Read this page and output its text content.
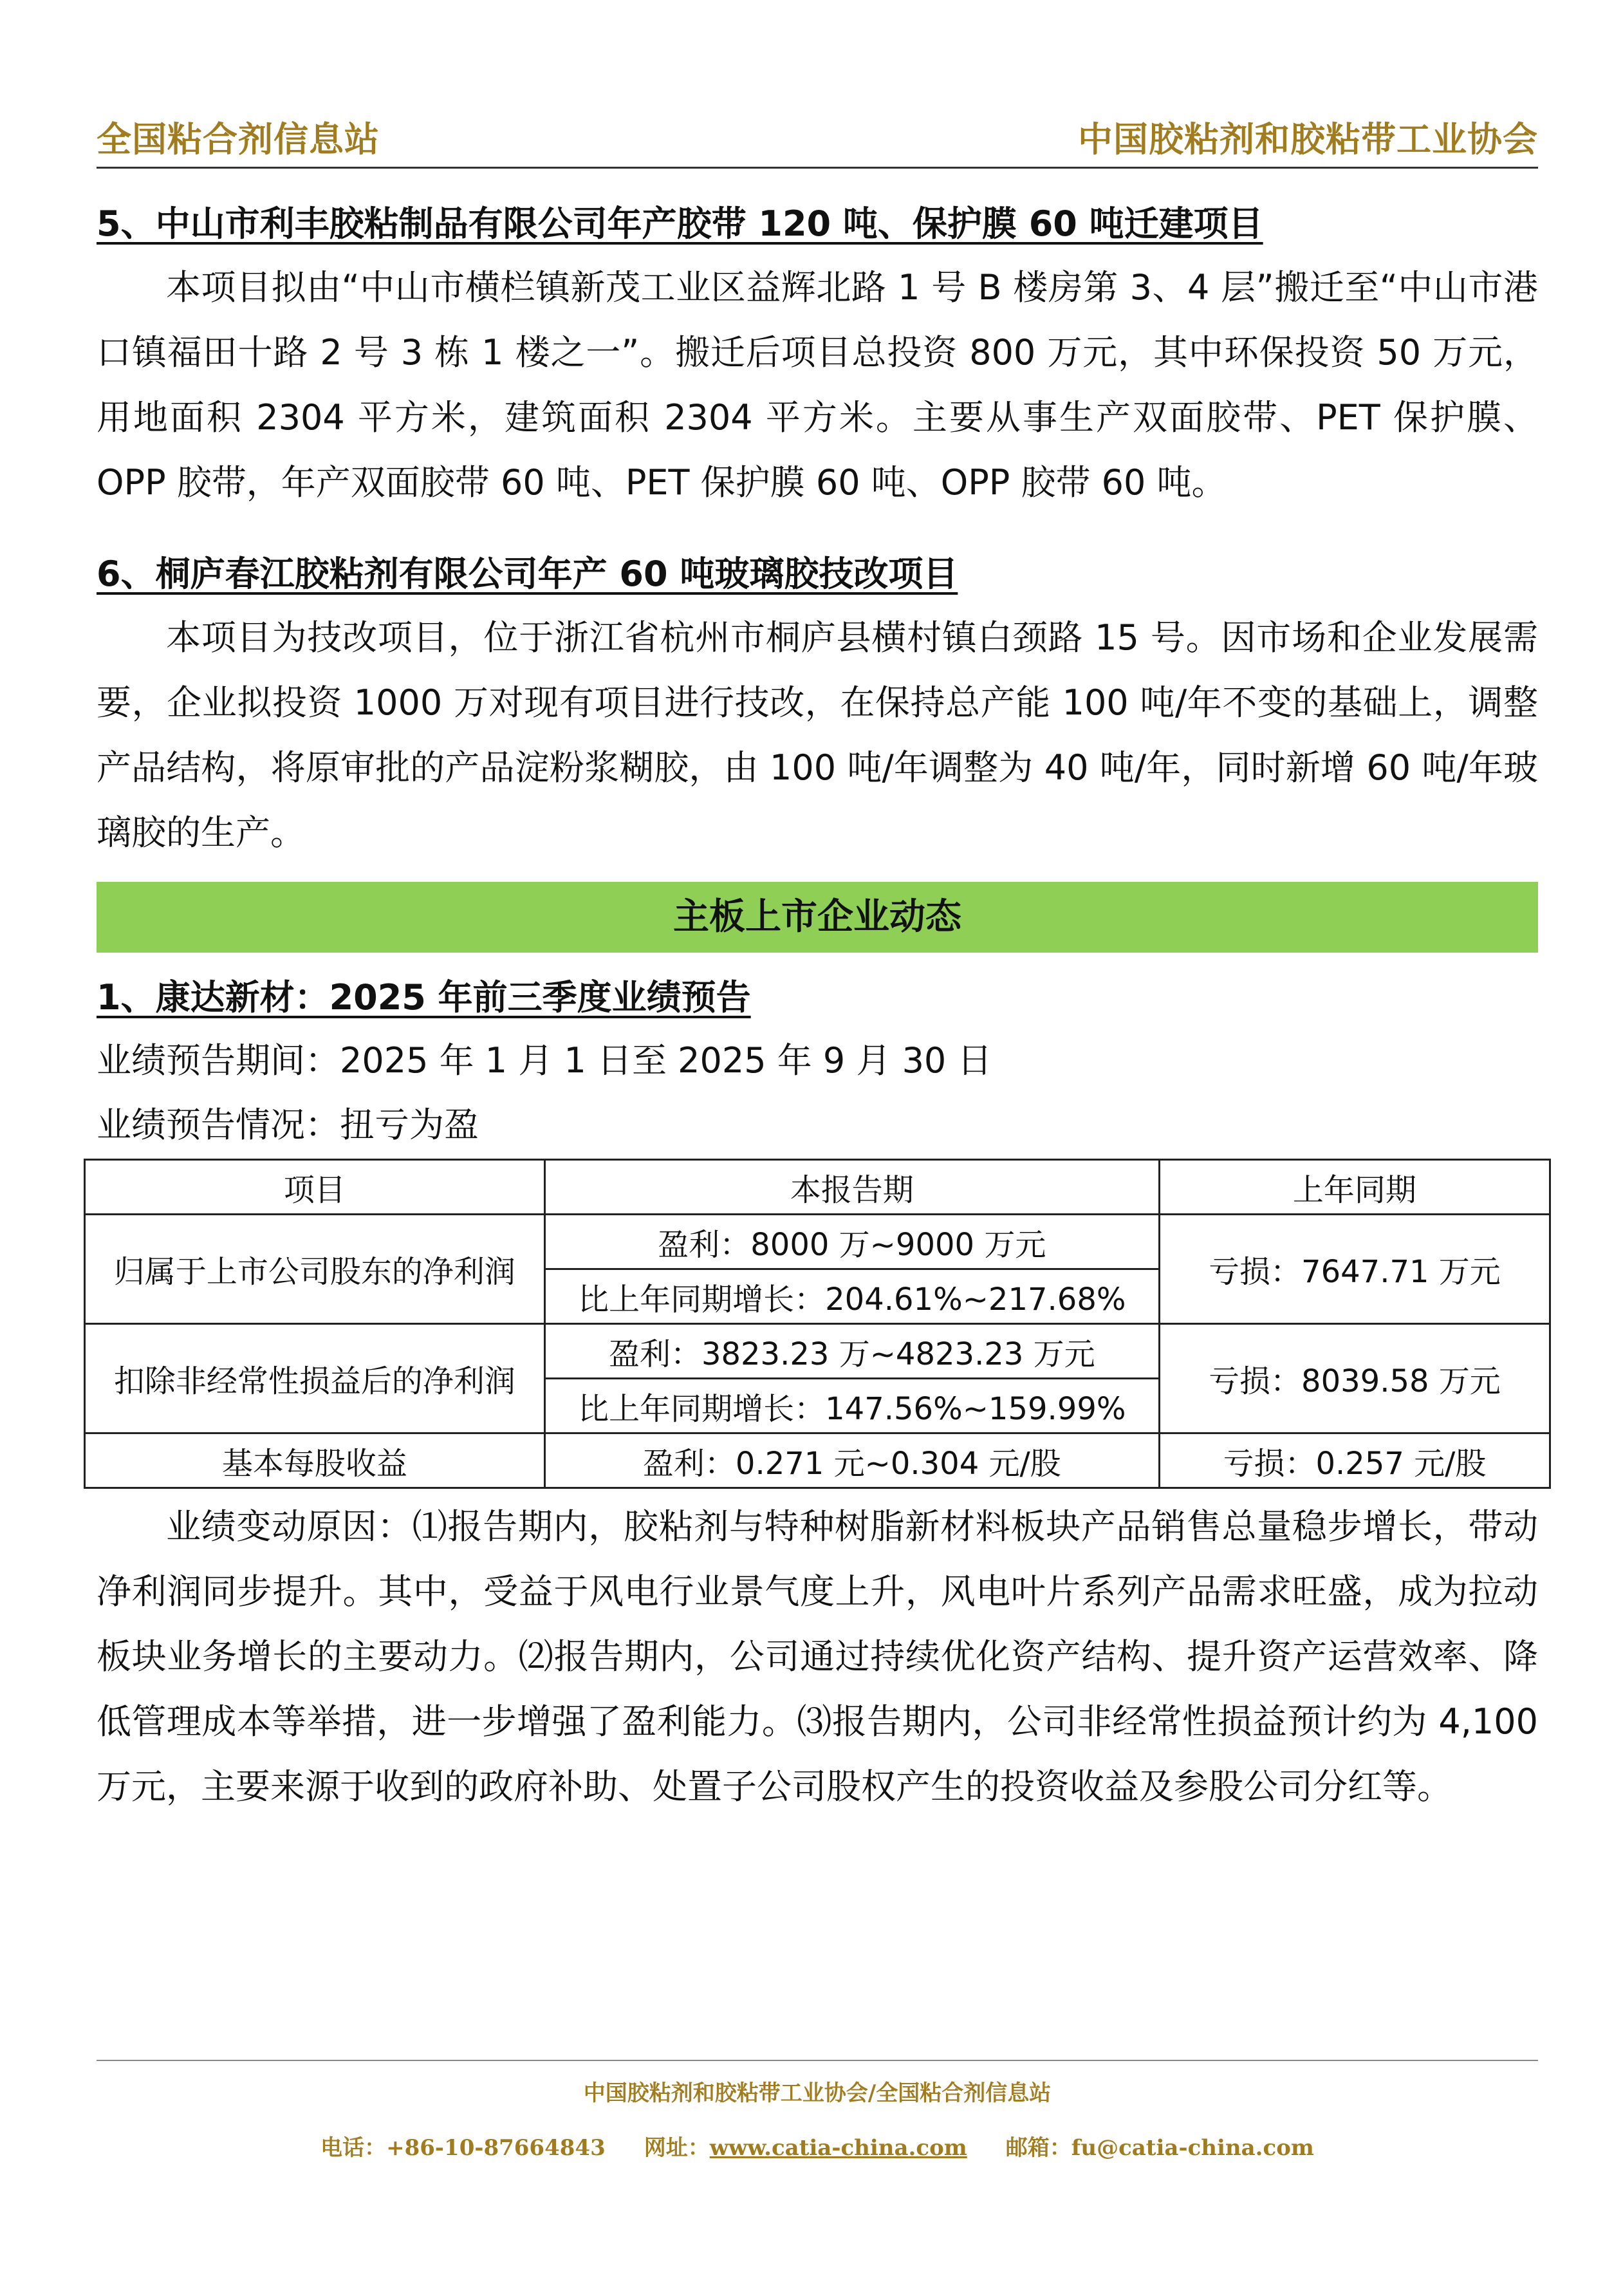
全国粘合剂信息站	中国胶粘剂和胶粘带工业协会
5、中山市利丰胶粘制品有限公司年产胶带 120 吨、保护膜 60 吨迁建项目

本项目拟由“中山市横栏镇新茂工业区益辉北路 1 号 B 楼房第 3、4 层”搬迁至“中山市港口镇福田十路 2 号 3 栋 1 楼之一”。搬迁后项目总投资 800 万元，其中环保投资 50 万元，用地面积 2304 平方米，建筑面积 2304 平方米。主要从事生产双面胶带、PET 保护膜、OPP 胶带，年产双面胶带 60 吨、PET 保护膜 60 吨、OPP 胶带 60 吨。

6、桐庐春江胶粘剂有限公司年产 60 吨玻璃胶技改项目

本项目为技改项目，位于浙江省杭州市桐庐县横村镇白颈路 15 号。因市场和企业发展需要，企业拟投资 1000 万对现有项目进行技改，在保持总产能 100 吨/年不变的基础上，调整产品结构，将原审批的产品淀粉浆糊胶，由 100 吨/年调整为 40 吨/年，同时新增 60 吨/年玻璃胶的生产。

主板上市企业动态
1、康达新材：2025 年前三季度业绩预告

业绩预告期间：2025 年 1 月 1 日至 2025 年 9 月 30 日

业绩预告情况：扭亏为盈

项目	本报告期	上年同期
归属于上市公司股东的净利润	盈利：8000 万~9000 万元	亏损：7647.71 万元
	比上年同期增长：204.61%~217.68%	
扣除非经常性损益后的净利润	盈利：3823.23 万~4823.23 万元	亏损：8039.58 万元
	比上年同期增长：147.56%~159.99%	
基本每股收益	盈利：0.271 元~0.304 元/股	亏损：0.257 元/股

业绩变动原因：⑴报告期内，胶粘剂与特种树脂新材料板块产品销售总量稳步增长，带动净利润同步提升。其中，受益于风电行业景气度上升，风电叶片系列产品需求旺盛，成为拉动板块业务增长的主要动力。⑵报告期内，公司通过持续优化资产结构、提升资产运营效率、降低管理成本等举措，进一步增强了盈利能力。⑶报告期内，公司非经常性损益预计约为 4,100 万元，主要来源于收到的政府补助、处置子公司股权产生的投资收益及参股公司分红等。

中国胶粘剂和胶粘带工业协会/全国粘合剂信息站
电话：+86-10-87664843 网址：www.catia-china.com 邮箱：fu@catia-china.com
